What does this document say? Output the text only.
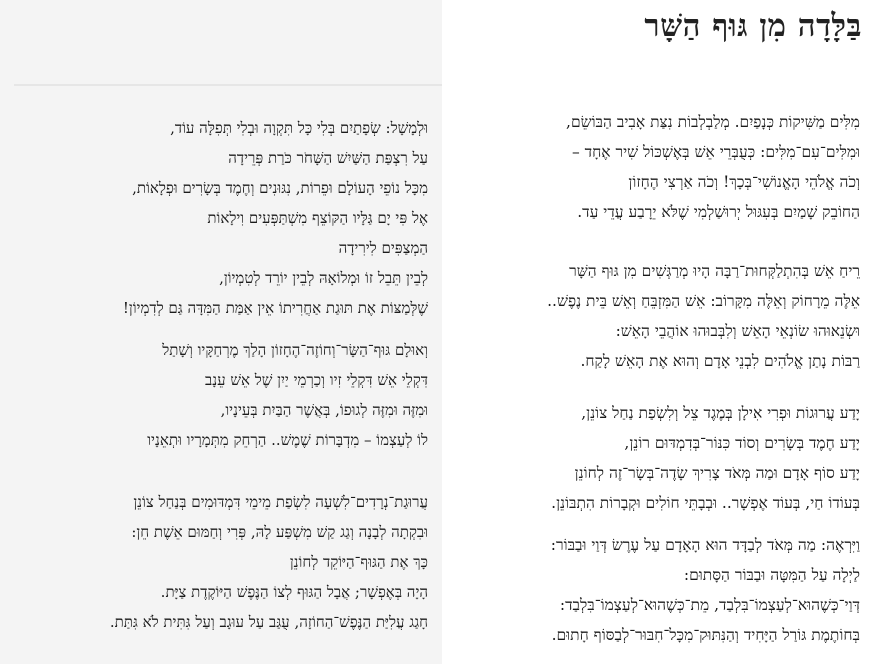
וּלְמָשָׁל: שְׂפָתַיִם בְּלִי כָּל תִּקְוָה וּבְלִי תְּפִלָּה עוֹד,
עַל רִצְפַּת הַשַּׁיִשׁ הַשָּׁחֹר כֹּרַת פְּרֵידָה
מִכָּל נוֹפֵי הָעוֹלָם וּפֵרוֹת, נִגּוּנִים וְחֶמֶד בְּשָׂרִים וּפְלָאוֹת,
אֶל פִּי יָם גַּלָּיו הַקּוֹצֵף מִשְׁתַּפְּעִים וִילָאוֹת
הַמְצַפִּים לִירִידָה
לְבֵין תֵּבֵל זוֹ וּמְלוֹאָהּ לְבֵין יוֹרֵד לְטִמְיוֹן,
שֶׁלְּמַצּוֹת אֶת תּוּגַת אַחֲרִיתוֹ אֵין אַמַּת הַמִּדָּה גַּם לְדִמְיוֹן!
וְאוּלָם גּוּף־הַשָּׂר־וְחוֹזֶה־הֶחָזוֹן הָלַךְ מֶרְחַקָּיו וְשָׁתַל
דִּקְלֵי אֵשׁ דִּקְלֵי זִיו וְכַרְמֵי יַיִן שֶׁל אֵשׁ עֵנָב
וּמִזֶּה וּמִזֶּה לְגוּפוֹ, בְּאֲשֶׁר הַבַּיִת בְּעֵינָיו,
לוֹ לְעַצְמוֹ – מִדְבָּרוֹת שֶׁמֶשׁ.. הַרְחֵק מִתְּמָרָיו וּתְאֵנָיו
עֲרוּגַת־נְרָדִים־לִשְׁעָה לִשְׂפַת מֵימֵי דִּמְדּוּמִים בְּנַחַל צוֹנֵן
וּבִקְתָה לְבָנָה וְגַג קַשׁ מִשְׁפַּע לָהּ, פְּרִי וְחַמּוּם אֵשֶׁת חֵן:
כָּךְ אֶת הַגּוּף־הַיּוֹקֵד לְחוֹנֵן
הָיָה בְּאֶפְשָׁר; אֲבָל הַגּוּף לְצוֹ הַנֶּפֶשׁ הַיּוֹקֶדֶת צַיָּת.
חָגַג עֲלִיַּת הַנֶּפֶשׁ־הַחוֹזָה, עֻגַּב עַל עוּגָב וְעַל גִּתִּית לֹא גִּתַּת.
בַּלָּדָה מִן גּוּף הַשָּׁר
מִלִּים מַשִּׁיקוֹת כְּנָפַיִם. מְלַבְלְבוֹת נִצַּת אָבִיב הַבּוֹשֵׂם,
וּמִלִּים־עִם־מִלִּים: כְּעֻבְּרֵי אֵשׁ בְּאֶשְׁכּוֹל שִׁיר אֶחָד –
וְכֹה אֱלֹהֵי הָאֱנוֹשִׁי־בְּכָךְ! וְכֹה אַרְצִי הֶחָזוֹן
הַחוֹבֵק שָׁמַיִם בְּעִגּוּל יְרוּשַׁלְמִי שֶׁלֹּא יֵרָבַע עֲדֵי עַד.
רֵיחַ אֵשׁ בְּהִתְלַקְּחוּת־רַבָּה הָיוּ מְרַגְּשִׁים מִן גּוּף הַשָּׁר
אֵלֶּה מֵרָחוֹק וְאֵלֶּה מִקָּרוֹב: אֵשׁ הַמִּזְבֵּחַ וְאֵשׁ בֵּית נֶפֶשׁ..
וּשְׂנֵאוּהוּ שׂוֹנְאֵי הָאֵשׁ וְלִבְּבוּהוּ אוֹהֲבֵי הָאֵשׁ:
רַבּוֹת נָתַן אֱלֹהִים לִבְנֵי אָדָם וְהוּא אֶת הָאֵשׁ לָקַח.
יָדַע עֲרוּגוֹת וּפְרִי אִילָן בְּמֶגֶד צֵל וְלִשְׂפַת נַחַל צוֹנֵן,
יָדַע חֶמֶד בְּשָׂרִים וְסוֹד כִּנּוֹר־בְּדִמְדּוּם רוֹנֵן,
יָדַע סוֹף אָדָם וּמַה מְּאֹד צָרִיךְ שָׂדֶה־בְּשָׂר־זֶה לְחוֹנֵן
בְּעוֹדוֹ חַי, בְּעוֹד אֶפְשָׁר.. וּבְבָתֵּי חוֹלִים וּקְבָרוֹת הִתְבּוֹנֵן.
וַיִּרְאֶה: מַה מְּאֹד לְבַדָּד הוּא הָאָדָם עַל עֶרֶשׂ דְּוַי וּבַבּוֹר:
לַיְלָה עַל הַמִּטָּה וּבַבּוֹר הַסָּתוּם:
דְּוַי־כְּשֶׁהוּא־לְעַצְמוֹ־בִּלְבַד, מֵת־כְּשֶׁהוּא־לְעַצְמוֹ־בִּלְבַד:
בְּחוֹתֶמֶת גּוֹרַל הַיָּחִיד וְהַנִּתּוּק־מִכָּל־חִבּוּר־לְבַסּוֹף חָתוּם.
